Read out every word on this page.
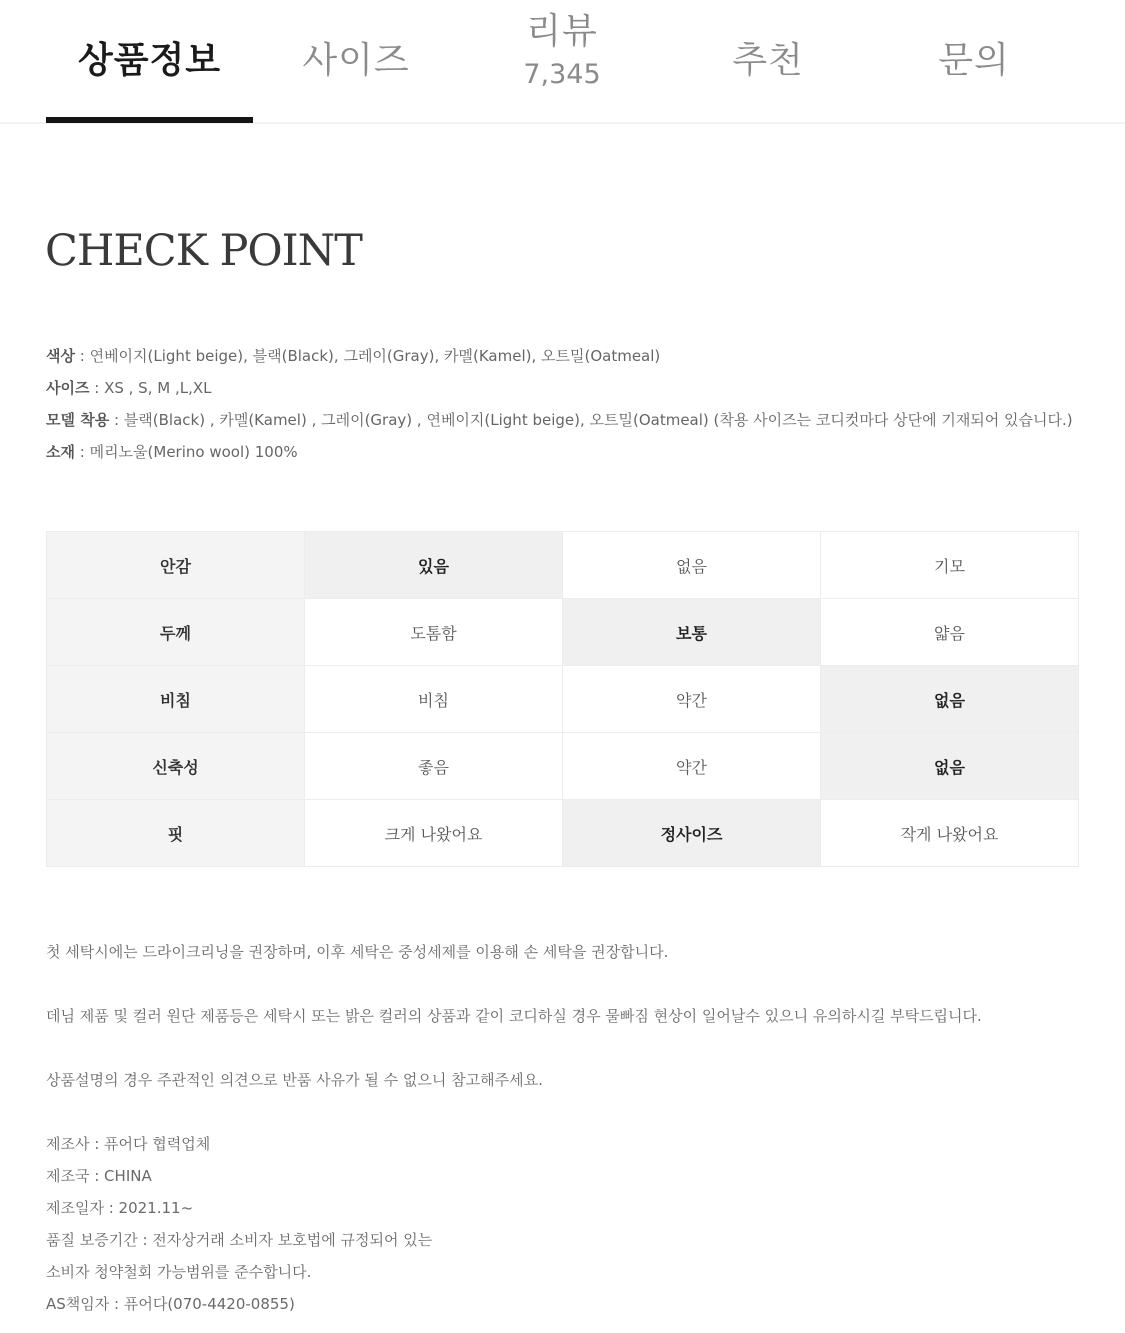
상품정보 사이즈
리뷰
7,345	추천	문의
CHECK POINT
색상 : 연베이지(Light beige), 블랙(Black), 그레이(Gray), 카멜(Kamel), 오트밀(Oatmeal)
사이즈 : XS , S, M ,L,XL
모델 착용 : 블랙(Black) , 카멜(Kamel) , 그레이(Gray) , 연베이지(Light beige), 오트밀(Oatmeal) (착용 사이즈는 코디컷마다 상단에 기재되어 있습니다.)
소재 : 메리노울(Merino wool) 100%
안감	있음	없음	기모
두께	도톰함	보통	얇음
비침	비침	약간	없음
신축성	좋음	약간	없음
핏	크게 나왔어요	정사이즈	작게 나왔어요

첫 세탁시에는 드라이크리닝을 권장하며, 이후 세탁은 중성세제를 이용해 손 세탁을 권장합니다.

데님 제품 및 컬러 원단 제품등은 세탁시 또는 밝은 컬러의 상품과 같이 코디하실 경우 물빠짐 현상이 일어날수 있으니 유의하시길 부탁드립니다.

상품설명의 경우 주관적인 의견으로 반품 사유가 될 수 없으니 참고해주세요.

제조사 : 퓨어다 협력업체
제조국 : CHINA
제조일자 : 2021.11~
품질 보증기간 : 전자상거래 소비자 보호법에 규정되어 있는
소비자 청약철회 가능범위를 준수합니다.
AS책임자 : 퓨어다(070-4420-0855)
